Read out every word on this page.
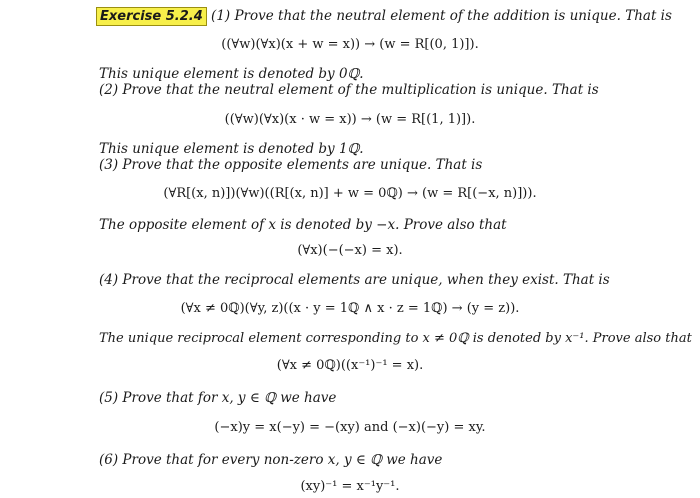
Exercise 5.2.4 (1) Prove that the neutral element of the addition is unique. That is
((∀w)(∀x)(x + w = x)) → (w = R[(0, 1)]).
This unique element is denoted by 0ℚ.
(2) Prove that the neutral element of the multiplication is unique. That is
((∀w)(∀x)(x · w = x)) → (w = R[(1, 1)]).
This unique element is denoted by 1ℚ.
(3) Prove that the opposite elements are unique. That is
(∀R[(x, n)])(∀w)((R[(x, n)] + w = 0ℚ) → (w = R[(−x, n)])).
The opposite element of x is denoted by −x. Prove also that
(∀x)(−(−x) = x).
(4) Prove that the reciprocal elements are unique, when they exist. That is
(∀x ≠ 0ℚ)(∀y, z)((x · y = 1ℚ ∧ x · z = 1ℚ) → (y = z)).
The unique reciprocal element corresponding to x ≠ 0ℚ is denoted by x⁻¹. Prove also that
(∀x ≠ 0ℚ)((x⁻¹)⁻¹ = x).
(5) Prove that for x, y ∈ ℚ we have
(−x)y = x(−y) = −(xy) and (−x)(−y) = xy.
(6) Prove that for every non-zero x, y ∈ ℚ we have
(xy)⁻¹ = x⁻¹y⁻¹.
